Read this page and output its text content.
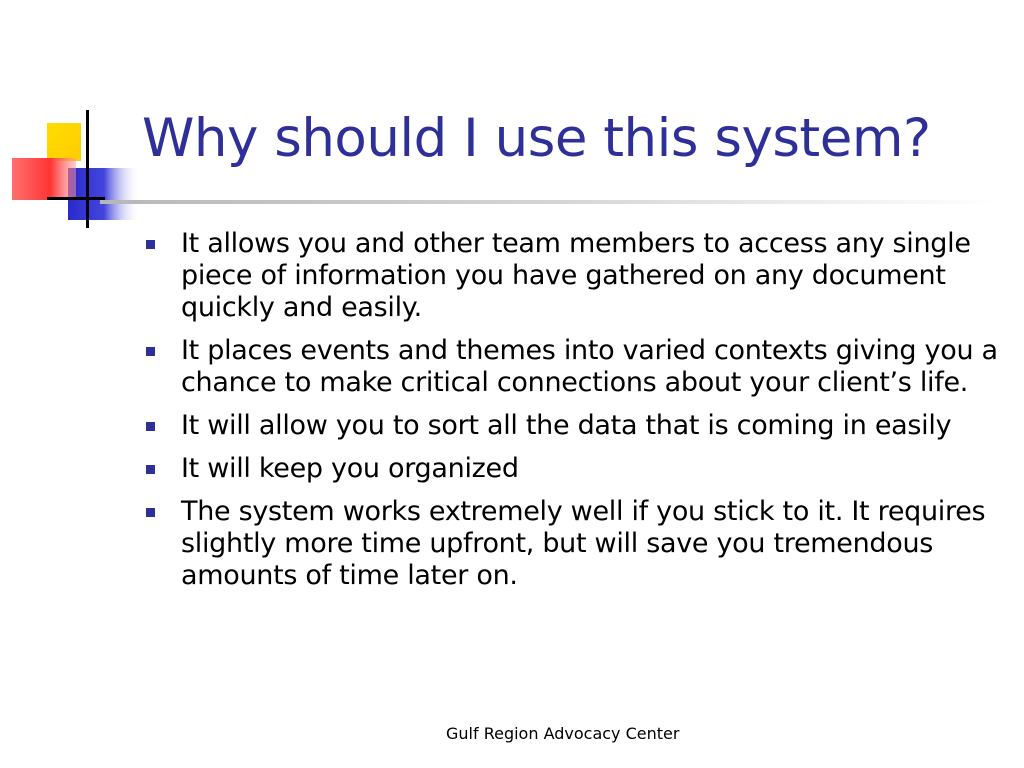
Why should I use this system?
It allows you and other team members to access any single piece of information you have gathered on any document quickly and easily.
It places events and themes into varied contexts giving you a chance to make critical connections about your client’s life.
It will allow you to sort all the data that is coming in easily
It will keep you organized
The system works extremely well if you stick to it. It requires slightly more time upfront, but will save you tremendous amounts of time later on.
Gulf Region Advocacy Center
